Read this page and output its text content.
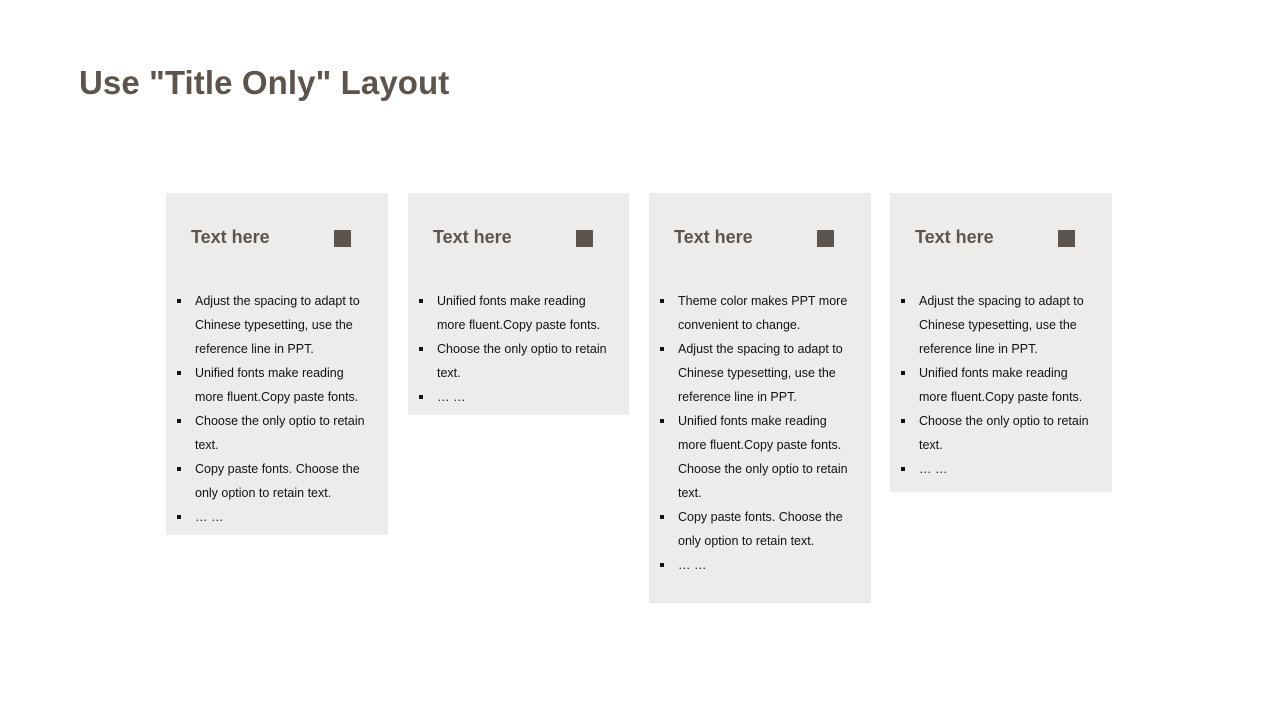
Use "Title Only" Layout
Text here
Adjust the spacing to adapt to Chinese typesetting, use the reference line in PPT.
Unified fonts make reading more fluent.Copy paste fonts.
Choose the only optio to retain text.
Copy paste fonts. Choose the only option to retain text.
… …
Text here
Unified fonts make reading more fluent.Copy paste fonts.
Choose the only optio to retain text.
… …
Text here
Theme color makes PPT more convenient to change.
Adjust the spacing to adapt to Chinese typesetting, use the reference line in PPT.
Unified fonts make reading more fluent.Copy paste fonts. Choose the only optio to retain text.
Copy paste fonts. Choose the only option to retain text.
… …
Text here
Adjust the spacing to adapt to Chinese typesetting, use the reference line in PPT.
Unified fonts make reading more fluent.Copy paste fonts.
Choose the only optio to retain text.
… …
